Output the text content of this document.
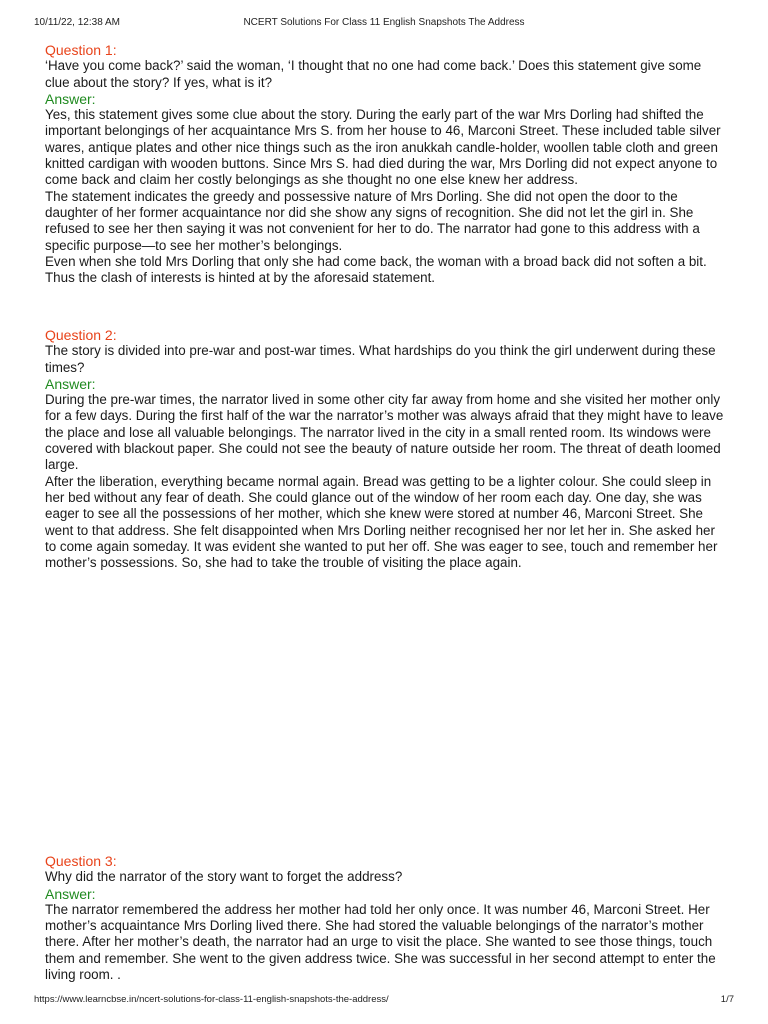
10/11/22, 12:38 AM	NCERT Solutions For Class 11 English Snapshots The Address

Question 1:

‘Have you come back?’ said the woman, ‘I thought that no one had come back.’ Does this statement give some clue about the story? If yes, what is it?

Answer:

Yes, this statement gives some clue about the story. During the early part of the war Mrs Dorling had shifted the important belongings of her acquaintance Mrs S. from her house to 46, Marconi Street. These included table silver wares, antique plates and other nice things such as the iron anukkah candle-holder, woollen table cloth and green knitted cardigan with wooden buttons. Since Mrs S. had died during the war, Mrs Dorling did not expect anyone to come back and claim her costly belongings as she thought no one else knew her address.

The statement indicates the greedy and possessive nature of Mrs Dorling. She did not open the door to the daughter of her former acquaintance nor did she show any signs of recognition. She did not let the girl in. She refused to see her then saying it was not convenient for her to do. The narrator had gone to this address with a specific purpose—to see her mother’s belongings.

Even when she told Mrs Dorling that only she had come back, the woman with a broad back did not soften a bit. Thus the clash of interests is hinted at by the aforesaid statement.

Question 2:

The story is divided into pre-war and post-war times. What hardships do you think the girl underwent during these times?

Answer:

During the pre-war times, the narrator lived in some other city far away from home and she visited her mother only for a few days. During the first half of the war the narrator’s mother was always afraid that they might have to leave the place and lose all valuable belongings. The narrator lived in the city in a small rented room. Its windows were covered with blackout paper. She could not see the beauty of nature outside her room. The threat of death loomed large.

After the liberation, everything became normal again. Bread was getting to be a lighter colour. She could sleep in her bed without any fear of death. She could glance out of the window of her room each day. One day, she was eager to see all the possessions of her mother, which she knew were stored at number 46, Marconi Street. She went to that address. She felt disappointed when Mrs Dorling neither recognised her nor let her in. She asked her to come again someday. It was evident she wanted to put her off. She was eager to see, touch and remember her mother’s possessions. So, she had to take the trouble of visiting the place again.

Question 3:

Why did the narrator of the story want to forget the address?

Answer:

The narrator remembered the address her mother had told her only once. It was number 46, Marconi Street. Her mother’s acquaintance Mrs Dorling lived there. She had stored the valuable belongings of the narrator’s mother there. After her mother’s death, the narrator had an urge to visit the place. She wanted to see those things, touch them and remember. She went to the given address twice. She was successful in her second attempt to enter the living room. .

https://www.learncbse.in/ncert-solutions-for-class-11-english-snapshots-the-address/	1/7
